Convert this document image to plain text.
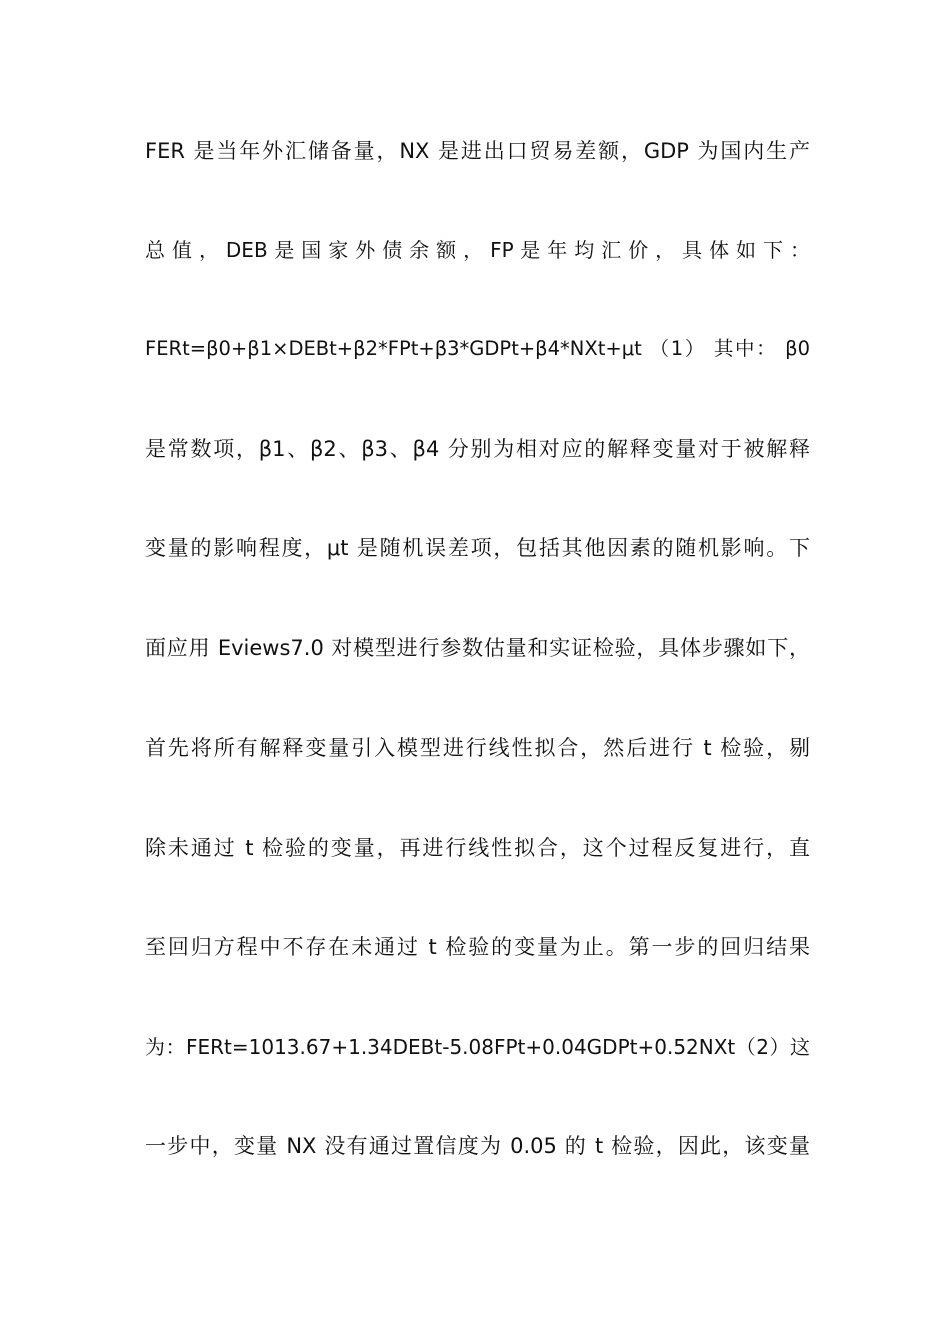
FER 是当年外汇储备量，NX 是进出口贸易差额，GDP 为国内生产
总 值 ， DEB 是 国 家 外 债 余 额 ， FP 是 年 均 汇 价 ， 具 体 如 下 ：
FERt=β0+β1×DEBt+β2*FPt+β3*GDPt+β4*NXt+μt （1） 其中： β0
是常数项，β1、β2、β3、β4 分别为相对应的解释变量对于被解释
变量的影响程度，μt 是随机误差项，包括其他因素的随机影响。下
面应用 Eviews7.0 对模型进行参数估量和实证检验，具体步骤如下，
首先将所有解释变量引入模型进行线性拟合，然后进行 t 检验，剔
除未通过 t 检验的变量，再进行线性拟合，这个过程反复进行，直
至回归方程中不存在未通过 t 检验的变量为止。第一步的回归结果
为：FERt=1013.67+1.34DEBt-5.08FPt+0.04GDPt+0.52NXt（2）这
一步中，变量 NX 没有通过置信度为 0.05 的 t 检验，因此，该变量
